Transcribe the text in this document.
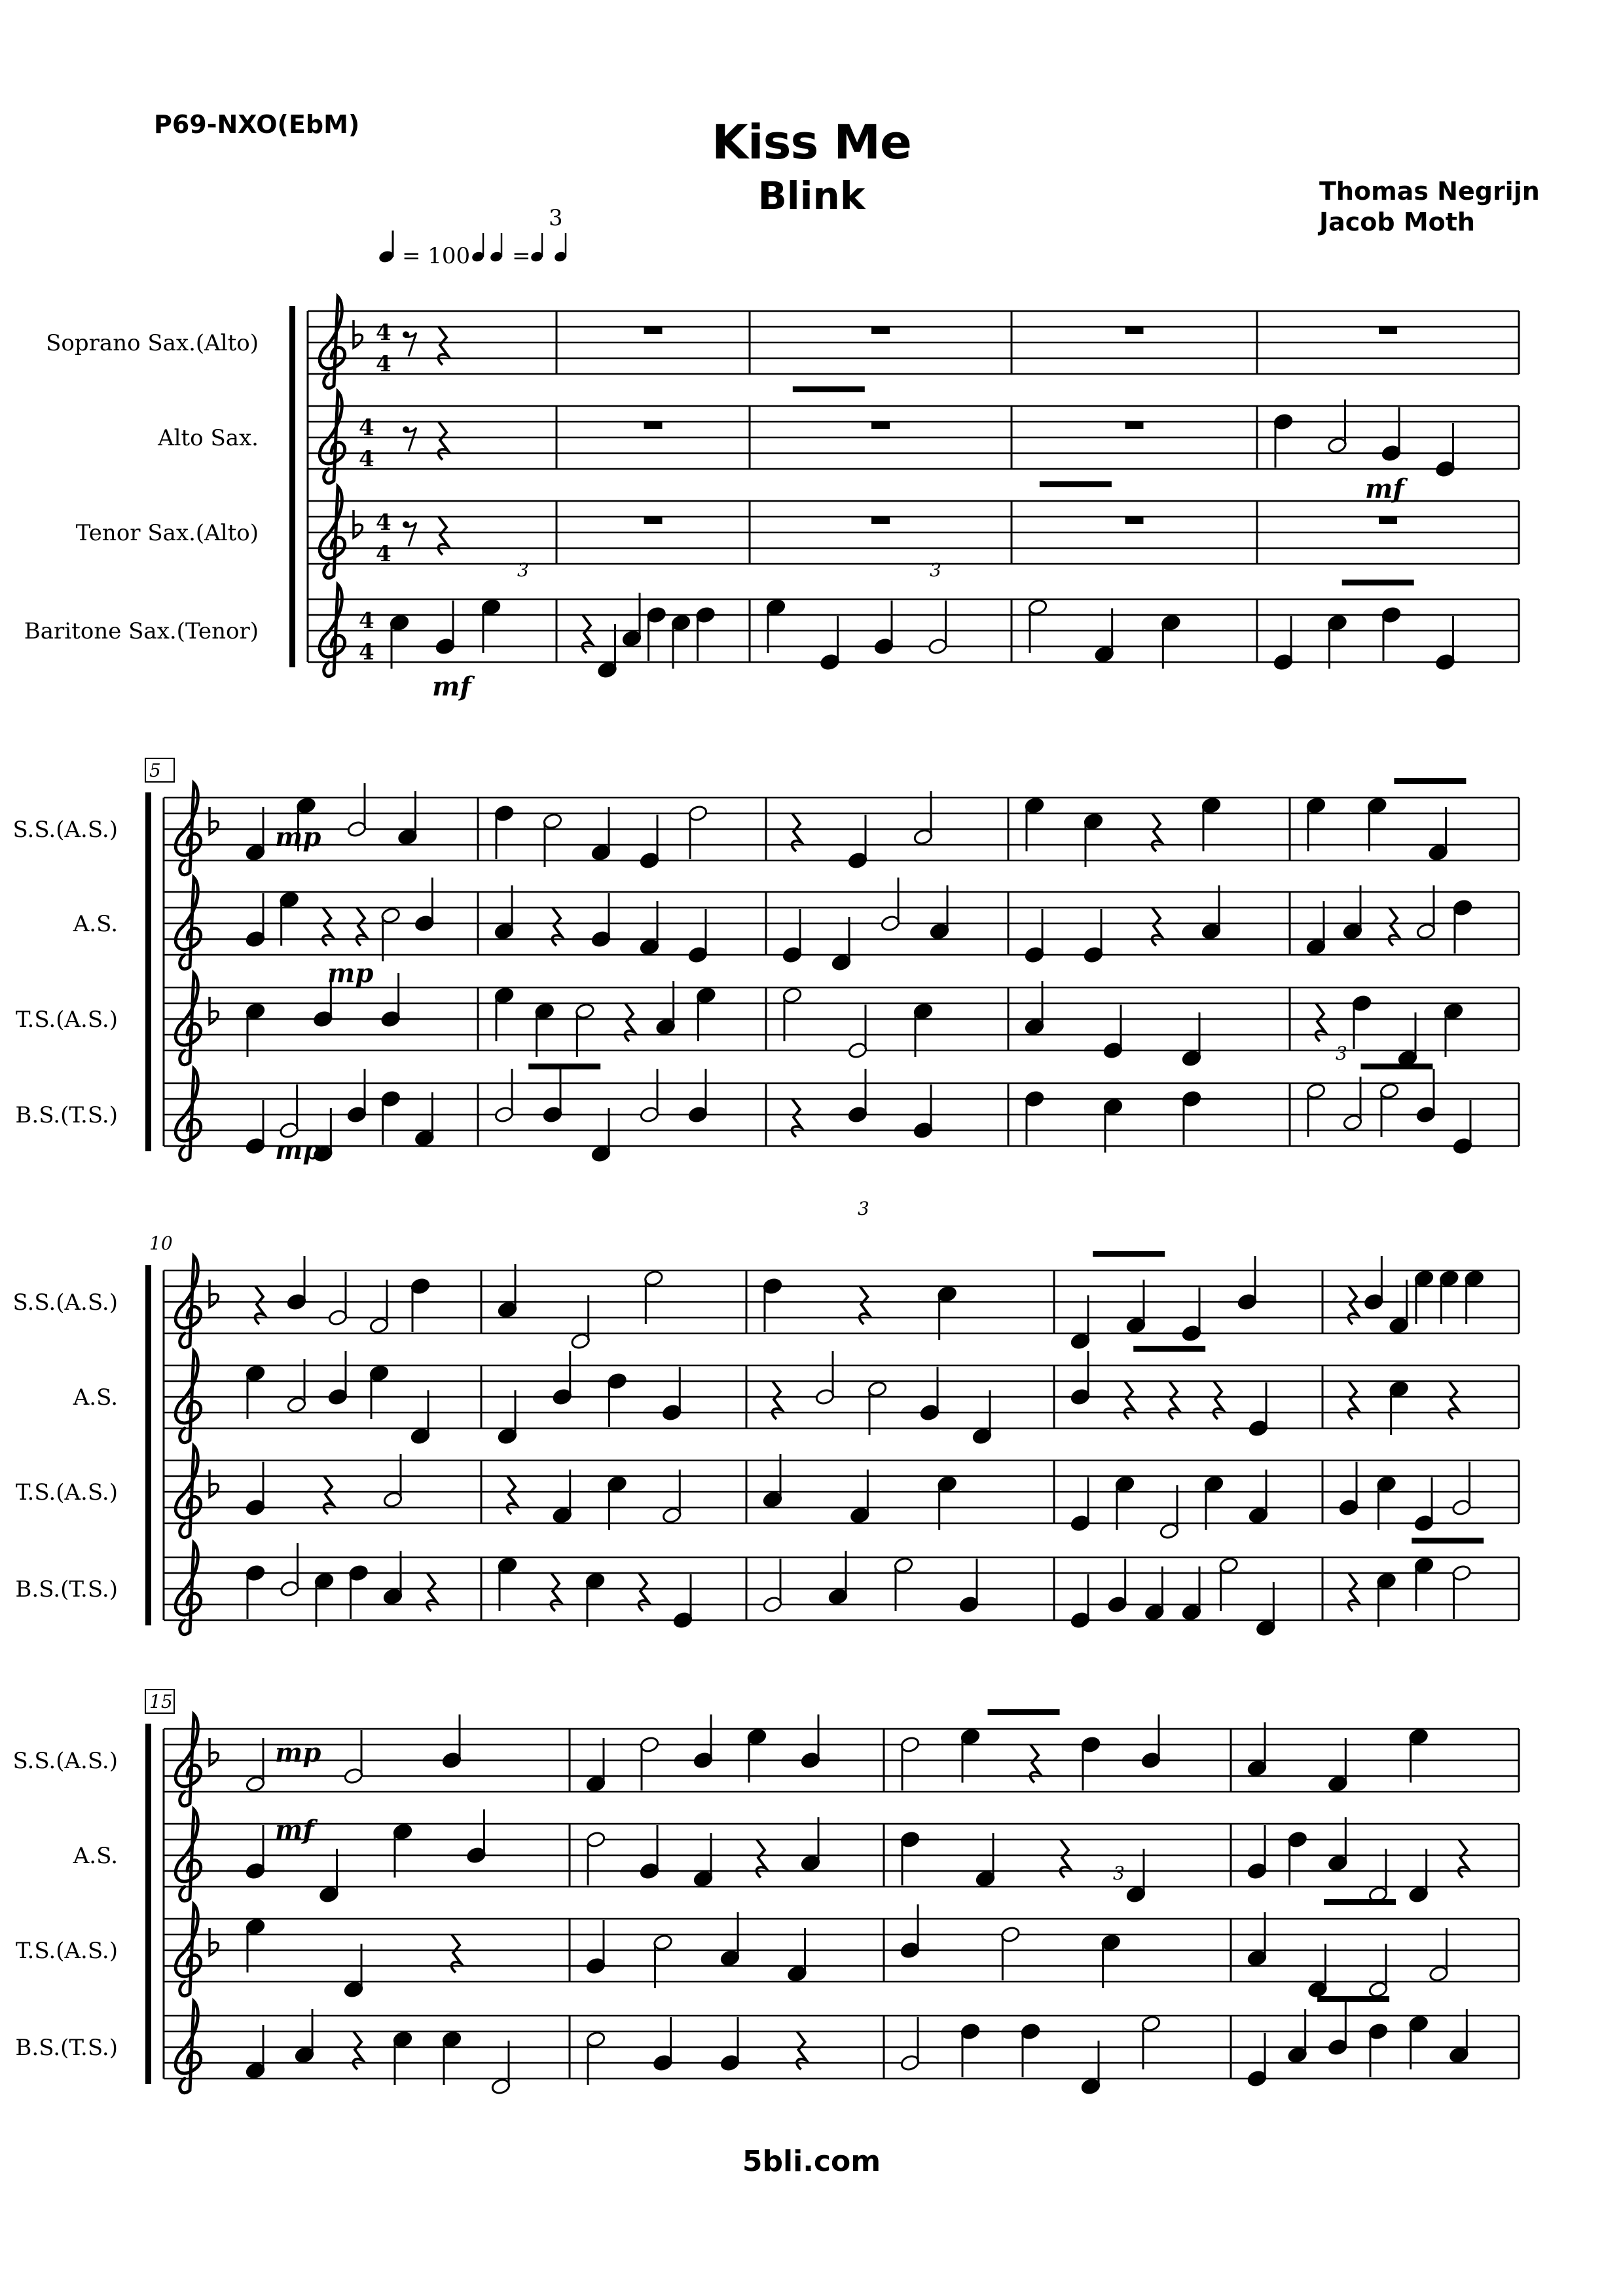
P69-NXO(EbM)	Kiss Me
Blink	Thomas Negrijn
Jacob Moth
Soprano Sax.(Alto)	4
4
Alto Sax.	4
4
Tenor Sax.(Alto)	4
4
Baritone Sax.(Tenor)	4
4
5
S.S.(A.S.)
A.S.
T.S.(A.S.)
B.S.(T.S.)
10
S.S.(A.S.)
A.S.
T.S.(A.S.)
B.S.(T.S.)
15
S.S.(A.S.)
A.S.
T.S.(A.S.)
B.S.(T.S.)
= 100 =
3
3	3
3
3
3
mf
mf
mp
mp
mp
mp
mf
5bli.com
